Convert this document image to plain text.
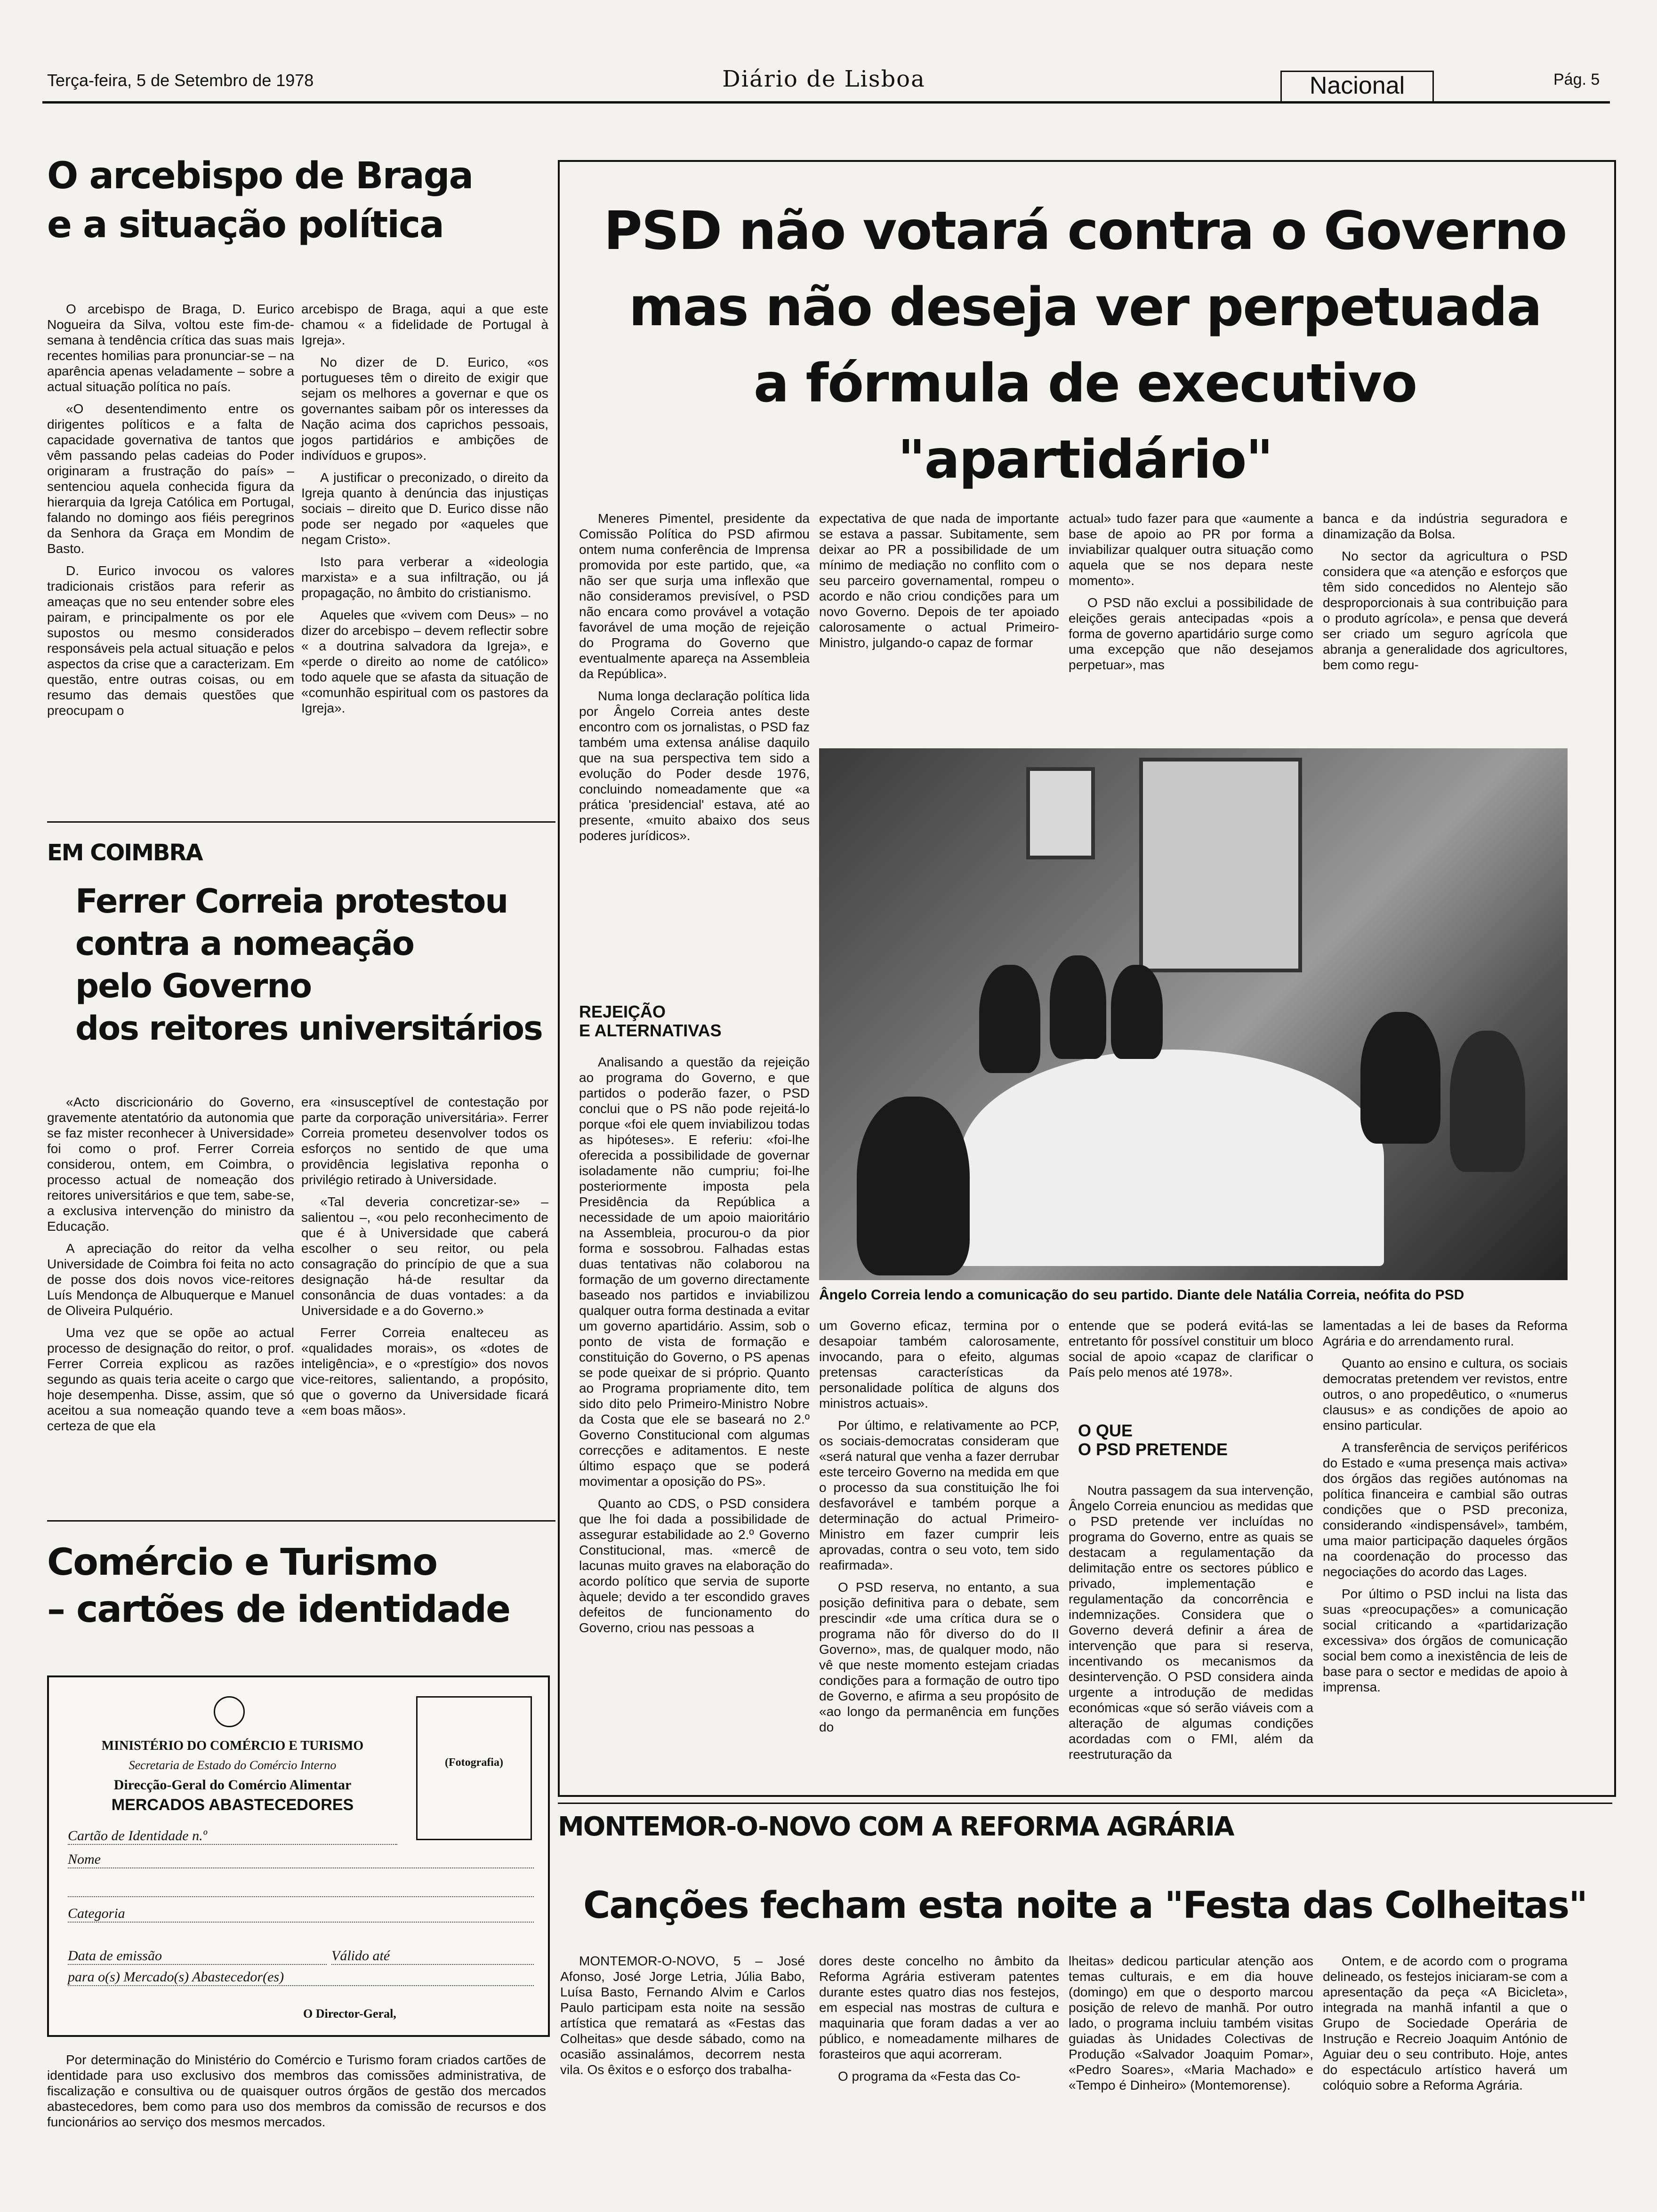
Terça-feira, 5 de Setembro de 1978	Diário de Lisboa	Nacional	Pág. 5
O arcebispo de Braga
e a situação política

O arcebispo de Braga, D. Eurico Nogueira da Silva, voltou este fim-de-semana à tendência crítica das suas mais recentes homilias para pronunciar-se – na aparência apenas veladamente – sobre a actual situação política no país.

«O desentendimento entre os dirigentes políticos e a falta de capacidade governativa de tantos que vêm passando pelas cadeias do Poder originaram a frustração do país» – sentenciou aquela conhecida figura da hierarquia da Igreja Católica em Portugal, falando no domingo aos fiéis peregrinos da Senhora da Graça em Mondim de Basto.

D. Eurico invocou os valores tradicionais cristãos para referir as ameaças que no seu entender sobre eles pairam, e principalmente os por ele supostos ou mesmo considerados responsáveis pela actual situação e pelos aspectos da crise que a caracterizam. Em questão, entre outras coisas, ou em resumo das demais questões que preocupam o

arcebispo de Braga, aqui a que este chamou « a fidelidade de Portugal à Igreja».

No dizer de D. Eurico, «os portugueses têm o direito de exigir que sejam os melhores a governar e que os governantes saibam pôr os interesses da Nação acima dos caprichos pessoais, jogos partidários e ambições de indivíduos e grupos».

A justificar o preconizado, o direito da Igreja quanto à denúncia das injustiças sociais – direito que D. Eurico disse não pode ser negado por «aqueles que negam Cristo».

Isto para verberar a «ideologia marxista» e a sua infiltração, ou já propagação, no âmbito do cristianismo.

Aqueles que «vivem com Deus» – no dizer do arcebispo – devem reflectir sobre « a doutrina salvadora da Igreja», e «perde o direito ao nome de católico» todo aquele que se afasta da situação de «comunhão espiritual com os pastores da Igreja».

EM COIMBRA
Ferrer Correia protestou
contra a nomeação
pelo Governo
dos reitores universitários

«Acto discricionário do Governo, gravemente atentatório da autonomia que se faz mister reconhecer à Universidade» foi como o prof. Ferrer Correia considerou, ontem, em Coimbra, o processo actual de nomeação dos reitores universitários e que tem, sabe-se, a exclusiva intervenção do ministro da Educação.

A apreciação do reitor da velha Universidade de Coimbra foi feita no acto de posse dos dois novos vice-reitores Luís Mendonça de Albuquerque e Manuel de Oliveira Pulquério.

Uma vez que se opõe ao actual processo de designação do reitor, o prof. Ferrer Correia explicou as razões segundo as quais teria aceite o cargo que hoje desempenha. Disse, assim, que só aceitou a sua nomeação quando teve a certeza de que ela

era «insusceptível de contestação por parte da corporação universitária». Ferrer Correia prometeu desenvolver todos os esforços no sentido de que uma providência legislativa reponha o privilégio retirado à Universidade.

«Tal deveria concretizar-se» – salientou –, «ou pelo reconhecimento de que é à Universidade que caberá escolher o seu reitor, ou pela consagração do princípio de que a sua designação há-de resultar da consonância de duas vontades: a da Universidade e a do Governo.»

Ferrer Correia enalteceu as «qualidades morais», os «dotes de inteligência», e o «prestígio» dos novos vice-reitores, salientando, a propósito, que o governo da Universidade ficará «em boas mãos».

Comércio e Turismo
– cartões de identidade
MINISTÉRIO DO COMÉRCIO E TURISMO
Secretaria de Estado do Comércio Interno
Direcção-Geral do Comércio Alimentar
MERCADOS ABASTECEDORES
(Fotografia)
Cartão de Identidade n.º
Nome
Categoria
Data de emissão	Válido até
para o(s) Mercado(s) Abastecedor(es)
O Director-Geral,

Por determinação do Ministério do Comércio e Turismo foram criados cartões de identidade para uso exclusivo dos membros das comissões administrativa, de fiscalização e consultiva ou de quaisquer outros órgãos de gestão dos mercados abastecedores, bem como para uso dos membros da comissão de recursos e dos funcionários ao serviço dos mesmos mercados.

PSD não votará contra o Governo
mas não deseja ver perpetuada
a fórmula de executivo "apartidário"

Meneres Pimentel, presidente da Comissão Política do PSD afirmou ontem numa conferência de Imprensa promovida por este partido, que, «a não ser que surja uma inflexão que não consideramos previsível, o PSD não encara como provável a votação favorável de uma moção de rejeição do Programa do Governo que eventualmente apareça na Assembleia da República».

Numa longa declaração política lida por Ângelo Correia antes deste encontro com os jornalistas, o PSD faz também uma extensa análise daquilo que na sua perspectiva tem sido a evolução do Poder desde 1976, concluindo nomeadamente que «a prática 'presidencial' estava, até ao presente, «muito abaixo dos seus poderes jurídicos».

REJEIÇÃO
E ALTERNATIVAS

Analisando a questão da rejeição ao programa do Governo, e que partidos o poderão fazer, o PSD conclui que o PS não pode rejeitá-lo porque «foi ele quem inviabilizou todas as hipóteses». E referiu: «foi-lhe oferecida a possibilidade de governar isoladamente não cumpriu; foi-lhe posteriormente imposta pela Presidência da República a necessidade de um apoio maioritário na Assembleia, procurou-o da pior forma e sossobrou. Falhadas estas duas tentativas não colaborou na formação de um governo directamente baseado nos partidos e inviabilizou qualquer outra forma destinada a evitar um governo apartidário. Assim, sob o ponto de vista de formação e constituição do Governo, o PS apenas se pode queixar de si próprio. Quanto ao Programa propriamente dito, tem sido dito pelo Primeiro-Ministro Nobre da Costa que ele se baseará no 2.º Governo Constitucional com algumas correcções e aditamentos. E neste último espaço que se poderá movimentar a oposição do PS».

Quanto ao CDS, o PSD considera que lhe foi dada a possibilidade de assegurar estabilidade ao 2.º Governo Constitucional, mas. «mercê de lacunas muito graves na elaboração do acordo político que servia de suporte àquele; devido a ter escondido graves defeitos de funcionamento do Governo, criou nas pessoas a

expectativa de que nada de importante se estava a passar. Subitamente, sem deixar ao PR a possibilidade de um mínimo de mediação no conflito com o seu parceiro governamental, rompeu o acordo e não criou condições para um novo Governo. Depois de ter apoiado calorosamente o actual Primeiro-Ministro, julgando-o capaz de formar

actual» tudo fazer para que «aumente a base de apoio ao PR por forma a inviabilizar qualquer outra situação como aquela que se nos depara neste momento».

O PSD não exclui a possibilidade de eleições gerais antecipadas «pois a forma de governo apartidário surge como uma excepção que não desejamos perpetuar», mas

banca e da indústria seguradora e dinamização da Bolsa.

No sector da agricultura o PSD considera que «a atenção e esforços que têm sido concedidos no Alentejo são desproporcionais à sua contribuição para o produto agrícola», e pensa que deverá ser criado um seguro agrícola que abranja a generalidade dos agricultores, bem como regu-

Ângelo Correia lendo a comunicação do seu partido. Diante dele Natália Correia, neófita do PSD

um Governo eficaz, termina por o desapoiar também calorosamente, invocando, para o efeito, algumas pretensas características da personalidade política de alguns dos ministros actuais».

Por último, e relativamente ao PCP, os sociais-democratas consideram que «será natural que venha a fazer derrubar este terceiro Governo na medida em que o processo da sua constituição lhe foi desfavorável e também porque a determinação do actual Primeiro-Ministro em fazer cumprir leis aprovadas, contra o seu voto, tem sido reafirmada».

O PSD reserva, no entanto, a sua posição definitiva para o debate, sem prescindir «de uma crítica dura se o programa não fôr diverso do do II Governo», mas, de qualquer modo, não vê que neste momento estejam criadas condições para a formação de outro tipo de Governo, e afirma a seu propósito de «ao longo da permanência em funções do

entende que se poderá evitá-las se entretanto fôr possível constituir um bloco social de apoio «capaz de clarificar o País pelo menos até 1978».

O QUE
O PSD PRETENDE

Noutra passagem da sua intervenção, Ângelo Correia enunciou as medidas que o PSD pretende ver incluídas no programa do Governo, entre as quais se destacam a regulamentação da delimitação entre os sectores público e privado, implementação e regulamentação da concorrência e indemnizações. Considera que o Governo deverá definir a área de intervenção que para si reserva, incentivando os mecanismos da desintervenção. O PSD considera ainda urgente a introdução de medidas económicas «que só serão viáveis com a alteração de algumas condições acordadas com o FMI, além da reestruturação da

lamentadas a lei de bases da Reforma Agrária e do arrendamento rural.

Quanto ao ensino e cultura, os sociais democratas pretendem ver revistos, entre outros, o ano propedêutico, o «numerus clausus» e as condições de apoio ao ensino particular.

A transferência de serviços periféricos do Estado e «uma presença mais activa» dos órgãos das regiões autónomas na política financeira e cambial são outras condições que o PSD preconiza, considerando «indispensável», também, uma maior participação daqueles órgãos na coordenação do processo das negociações do acordo das Lages.

Por último o PSD inclui na lista das suas «preocupações» a comunicação social criticando a «partidarização excessiva» dos órgãos de comunicação social bem como a inexistência de leis de base para o sector e medidas de apoio à imprensa.

MONTEMOR-O-NOVO COM A REFORMA AGRÁRIA
Canções fecham esta noite a "Festa das Colheitas"

MONTEMOR-O-NOVO, 5 – José Afonso, José Jorge Letria, Júlia Babo, Luísa Basto, Fernando Alvim e Carlos Paulo participam esta noite na sessão artística que rematará as «Festas das Colheitas» que desde sábado, como na ocasião assinalámos, decorrem nesta vila. Os êxitos e o esforço dos trabalha-

dores deste concelho no âmbito da Reforma Agrária estiveram patentes durante estes quatro dias nos festejos, em especial nas mostras de cultura e maquinaria que foram dadas a ver ao público, e nomeadamente milhares de forasteiros que aqui acorreram.

O programa da «Festa das Co-

lheitas» dedicou particular atenção aos temas culturais, e em dia houve (domingo) em que o desporto marcou posição de relevo de manhã. Por outro lado, o programa incluiu também visitas guiadas às Unidades Colectivas de Produção «Salvador Joaquim Pomar», «Pedro Soares», «Maria Machado» e «Tempo é Dinheiro» (Montemorense).

Ontem, e de acordo com o programa delineado, os festejos iniciaram-se com a apresentação da peça «A Bicicleta», integrada na manhã infantil a que o Grupo de Sociedade Operária de Instrução e Recreio Joaquim António de Aguiar deu o seu contributo. Hoje, antes do espectáculo artístico haverá um colóquio sobre a Reforma Agrária.
